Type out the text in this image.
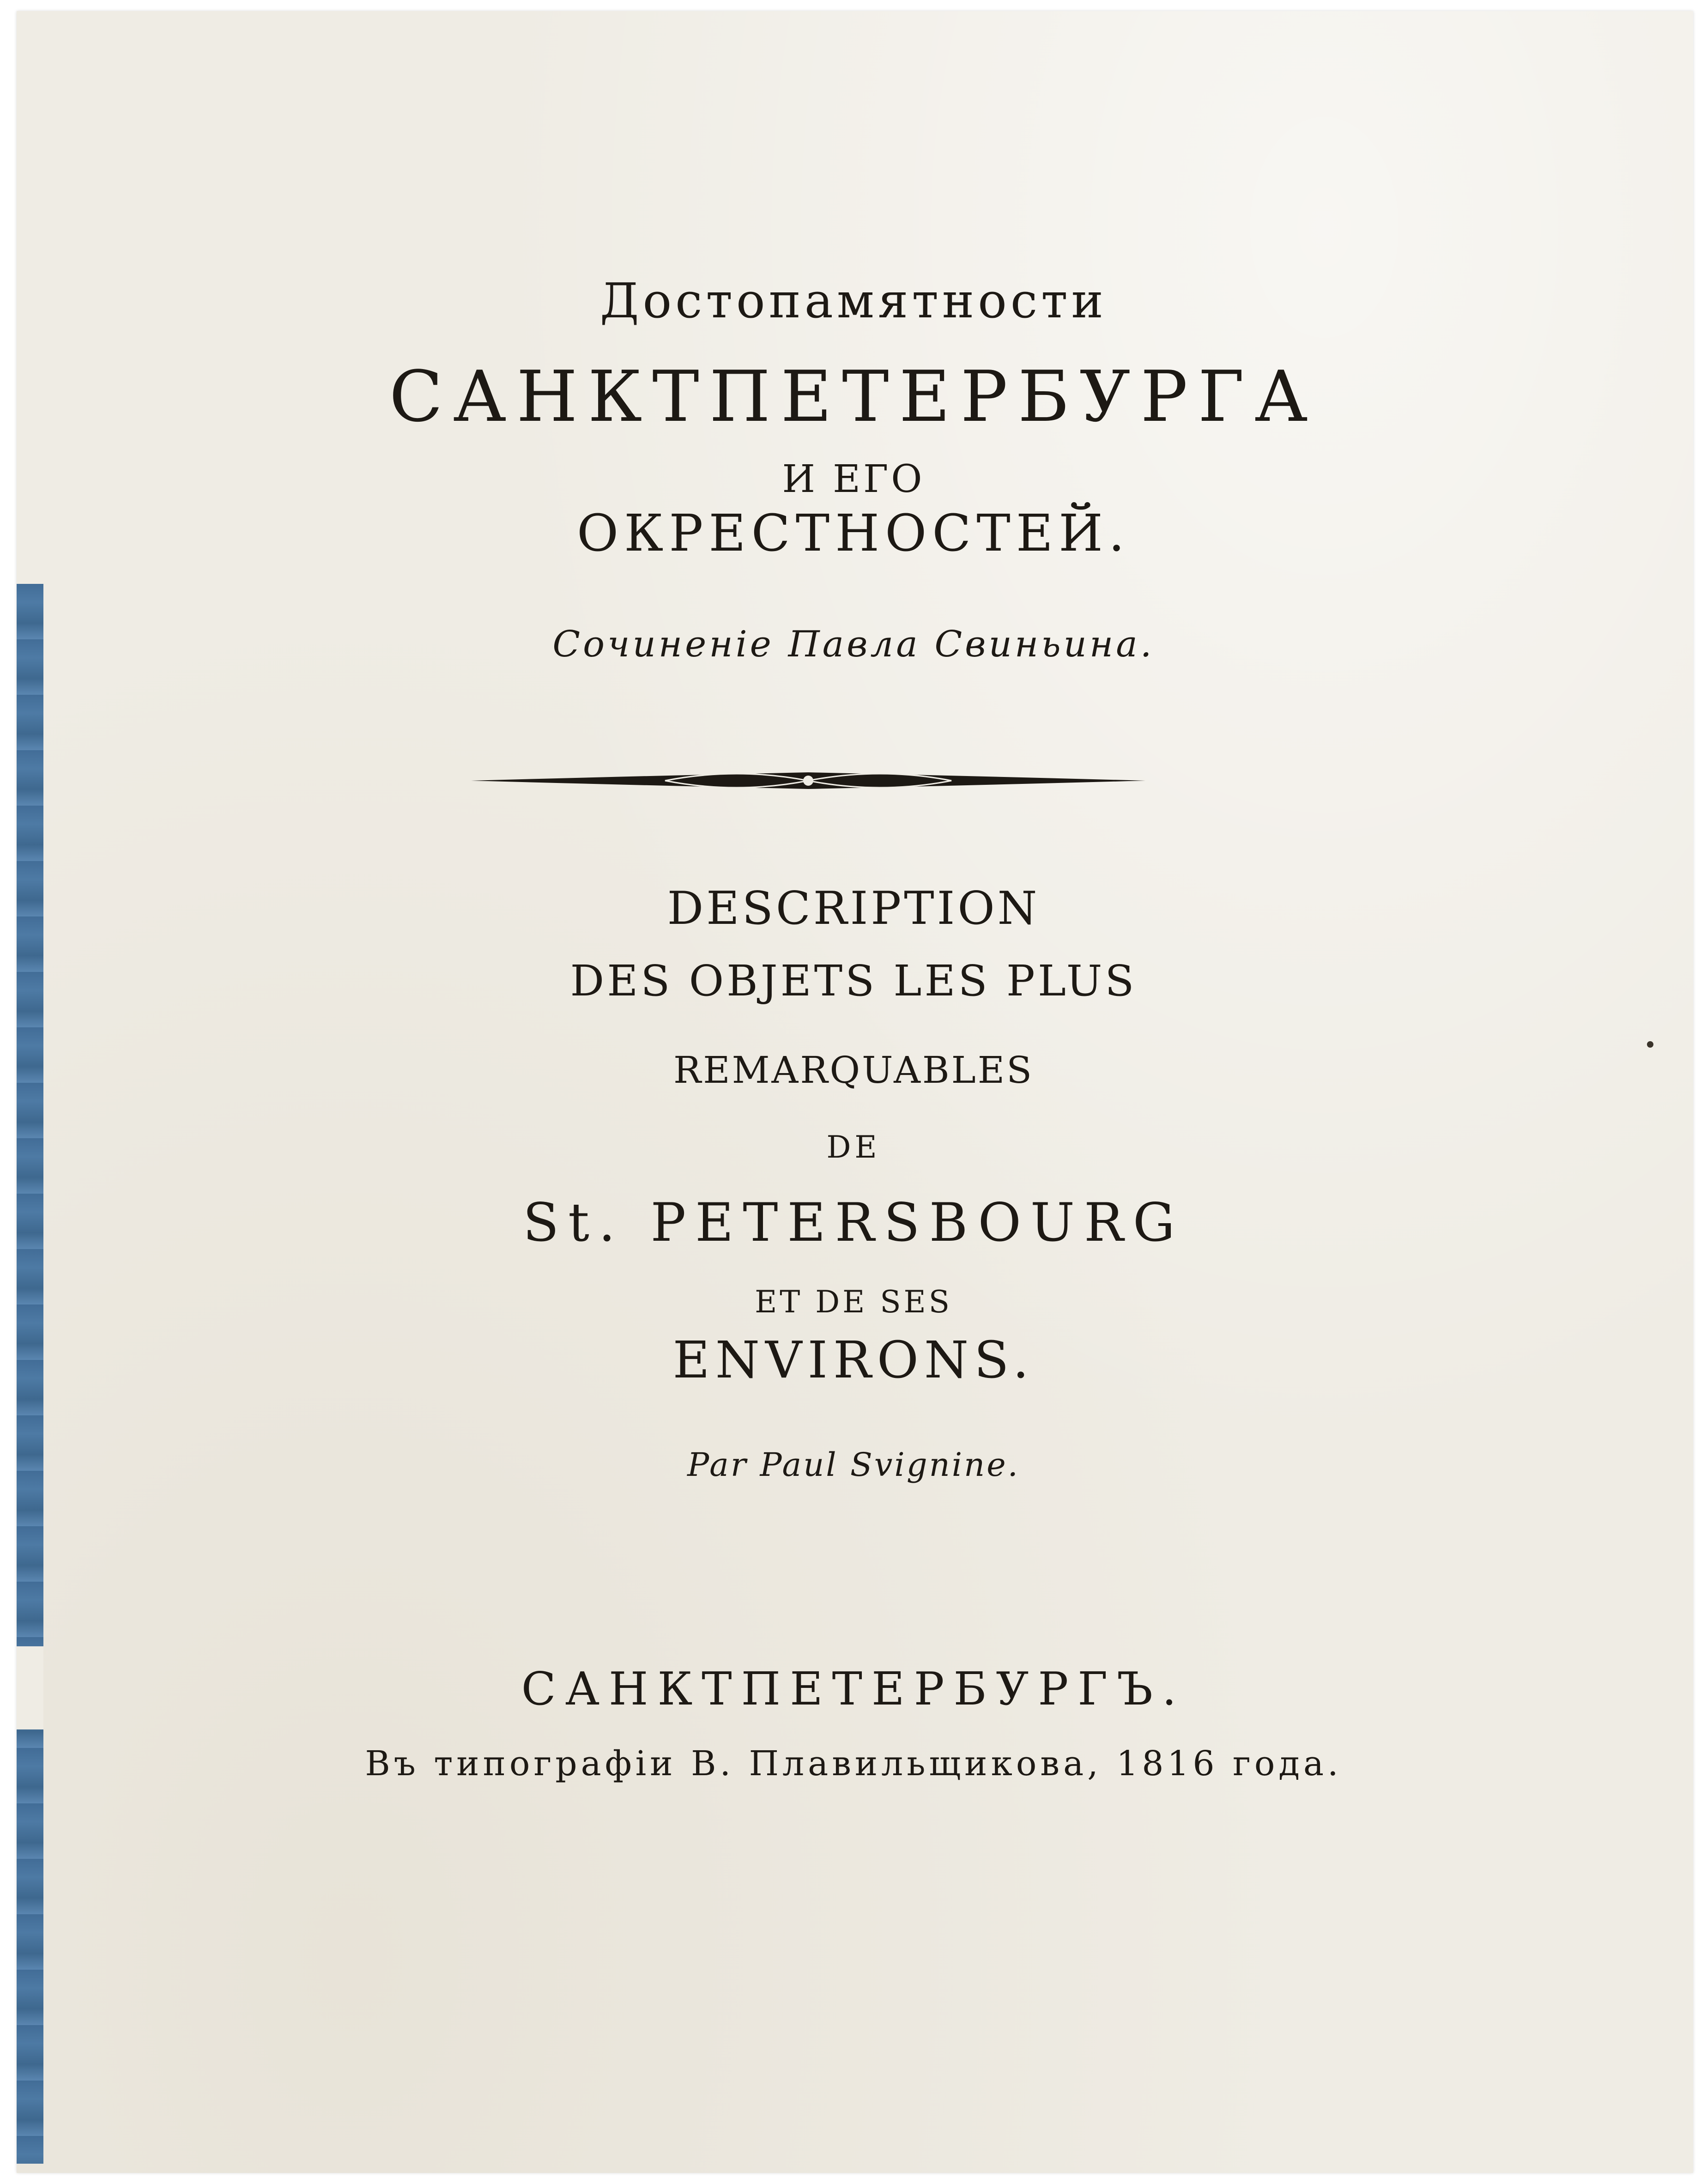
Достопамятности
САНКТПЕТЕРБУРГА
И ЕГО
ОКРЕСТНОСТЕЙ.
Сочиненіе Павла Свиньина.
DESCRIPTION
DES OBJETS LES PLUS
REMARQUABLES
DE
St. PETERSBOURG
ET DE SES
ENVIRONS.
Par Paul Svignine.
САНКТПЕТЕРБУРГЪ.
Въ типографіи В. Плавильщикова, 1816 года.
